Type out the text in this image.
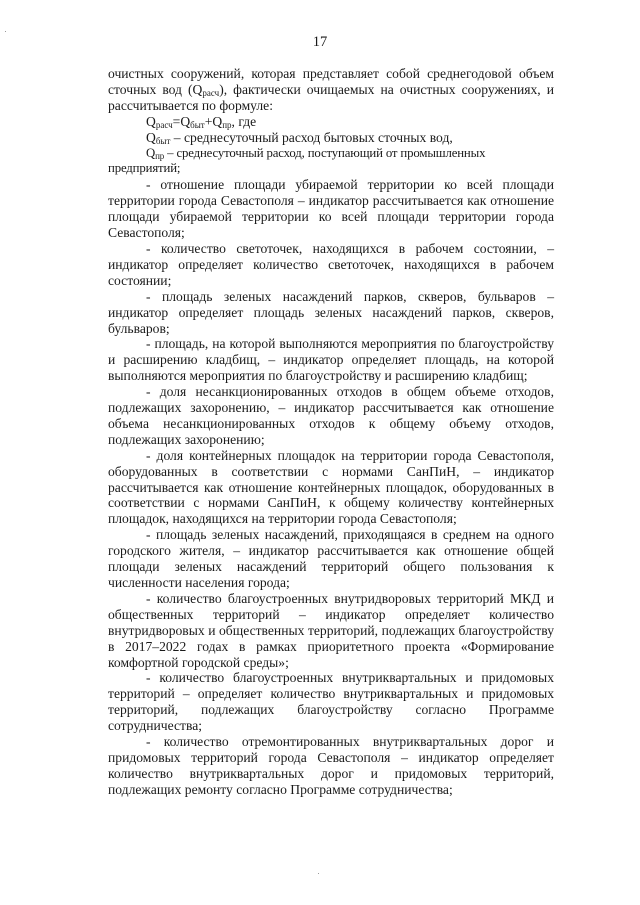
17

очистных сооружений, которая представляет собой среднегодовой объем сточных вод $(Q_{расч})$, фактически очищаемых на очистных сооружениях, и рассчитывается по формуле:

$Q_{расч}=Q_{быт}+Q_{пр}$, где

$Q_{быт}$ – среднесуточный расход бытовых сточных вод,

$Q_{пр}$ – среднесуточный расход, поступающий от промышленных предприятий;

- отношение площади убираемой территории ко всей площади территории города Севастополя – индикатор рассчитывается как отношение площади убираемой территории ко всей площади территории города Севастополя;

- количество светоточек, находящихся в рабочем состоянии, – индикатор определяет количество светоточек, находящихся в рабочем состоянии;

- площадь зеленых насаждений парков, скверов, бульваров – индикатор определяет площадь зеленых насаждений парков, скверов, бульваров;

- площадь, на которой выполняются мероприятия по благоустройству и расширению кладбищ, – индикатор определяет площадь, на которой выполняются мероприятия по благоустройству и расширению кладбищ;

- доля несанкционированных отходов в общем объеме отходов, подлежащих захоронению, – индикатор рассчитывается как отношение объема несанкционированных отходов к общему объему отходов, подлежащих захоронению;

- доля контейнерных площадок на территории города Севастополя, оборудованных в соответствии с нормами СанПиН, – индикатор рассчитывается как отношение контейнерных площадок, оборудованных в соответствии с нормами СанПиН, к общему количеству контейнерных площадок, находящихся на территории города Севастополя;

- площадь зеленых насаждений, приходящаяся в среднем на одного городского жителя, – индикатор рассчитывается как отношение общей площади зеленых насаждений территорий общего пользования к численности населения города;

- количество благоустроенных внутридворовых территорий МКД и общественных территорий – индикатор определяет количество внутридворовых и общественных территорий, подлежащих благоустройству в 2017–2022 годах в рамках приоритетного проекта «Формирование комфортной городской среды»;

- количество благоустроенных внутриквартальных и придомовых территорий – определяет количество внутриквартальных и придомовых территорий, подлежащих благоустройству согласно Программе сотрудничества;

- количество отремонтированных внутриквартальных дорог и придомовых территорий города Севастополя – индикатор определяет количество внутриквартальных дорог и придомовых территорий, подлежащих ремонту согласно Программе сотрудничества;
